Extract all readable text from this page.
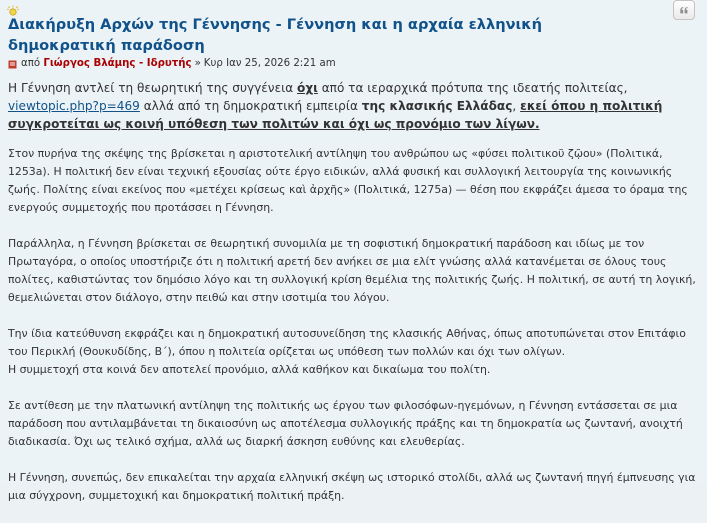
Διακήρυξη Αρχών της Γέννησης - Γέννηση και η αρχαία ελληνική δημοκρατική παράδοση
από
Γιώργος Βλάμης - Ιδρυτής » Κυρ Ιαν 25, 2026 2:21 am

Η Γέννηση αντλεί τη θεωρητική της συγγένεια όχι από τα ιεραρχικά πρότυπα της ιδεατής πολιτείας, viewtopic.php?p=469 αλλά από τη δημοκρατική εμπειρία της κλασικής Ελλάδας, εκεί όπου η πολιτική συγκροτείται ως κοινή υπόθεση των πολιτών και όχι ως προνόμιο των λίγων.

Στον πυρήνα της σκέψης της βρίσκεται η αριστοτελική αντίληψη του ανθρώπου ως «φύσει πολιτικοῦ ζῷου» (Πολιτικά, 1253a). Η πολιτική δεν είναι τεχνική εξουσίας ούτε έργο ειδικών, αλλά φυσική και συλλογική λειτουργία της κοινωνικής ζωής. Πολίτης είναι εκείνος που «μετέχει κρίσεως καὶ ἀρχῆς» (Πολιτικά, 1275a) — θέση που εκφράζει άμεσα το όραμα της ενεργούς συμμετοχής που προτάσσει η Γέννηση.

Παράλληλα, η Γέννηση βρίσκεται σε θεωρητική συνομιλία με τη σοφιστική δημοκρατική παράδοση και ιδίως με τον Πρωταγόρα, ο οποίος υποστήριζε ότι η πολιτική αρετή δεν ανήκει σε μια ελίτ γνώσης αλλά κατανέμεται σε όλους τους πολίτες, καθιστώντας τον δημόσιο λόγο και τη συλλογική κρίση θεμέλια της πολιτικής ζωής. Η πολιτική, σε αυτή τη λογική, θεμελιώνεται στον διάλογο, στην πειθώ και στην ισοτιμία του λόγου.

Την ίδια κατεύθυνση εκφράζει και η δημοκρατική αυτοσυνείδηση της κλασικής Αθήνας, όπως αποτυπώνεται στον Επιτάφιο του Περικλή (Θουκυδίδης, Β΄), όπου η πολιτεία ορίζεται ως υπόθεση των πολλών και όχι των ολίγων.
Η συμμετοχή στα κοινά δεν αποτελεί προνόμιο, αλλά καθήκον και δικαίωμα του πολίτη.

Σε αντίθεση με την πλατωνική αντίληψη της πολιτικής ως έργου των φιλοσόφων-ηγεμόνων, η Γέννηση εντάσσεται σε μια παράδοση που αντιλαμβάνεται τη δικαιοσύνη ως αποτέλεσμα συλλογικής πράξης και τη δημοκρατία ως ζωντανή, ανοιχτή διαδικασία. Όχι ως τελικό σχήμα, αλλά ως διαρκή άσκηση ευθύνης και ελευθερίας.

Η Γέννηση, συνεπώς, δεν επικαλείται την αρχαία ελληνική σκέψη ως ιστορικό στολίδι, αλλά ως ζωντανή πηγή έμπνευσης για μια σύγχρονη, συμμετοχική και δημοκρατική πολιτική πράξη.
